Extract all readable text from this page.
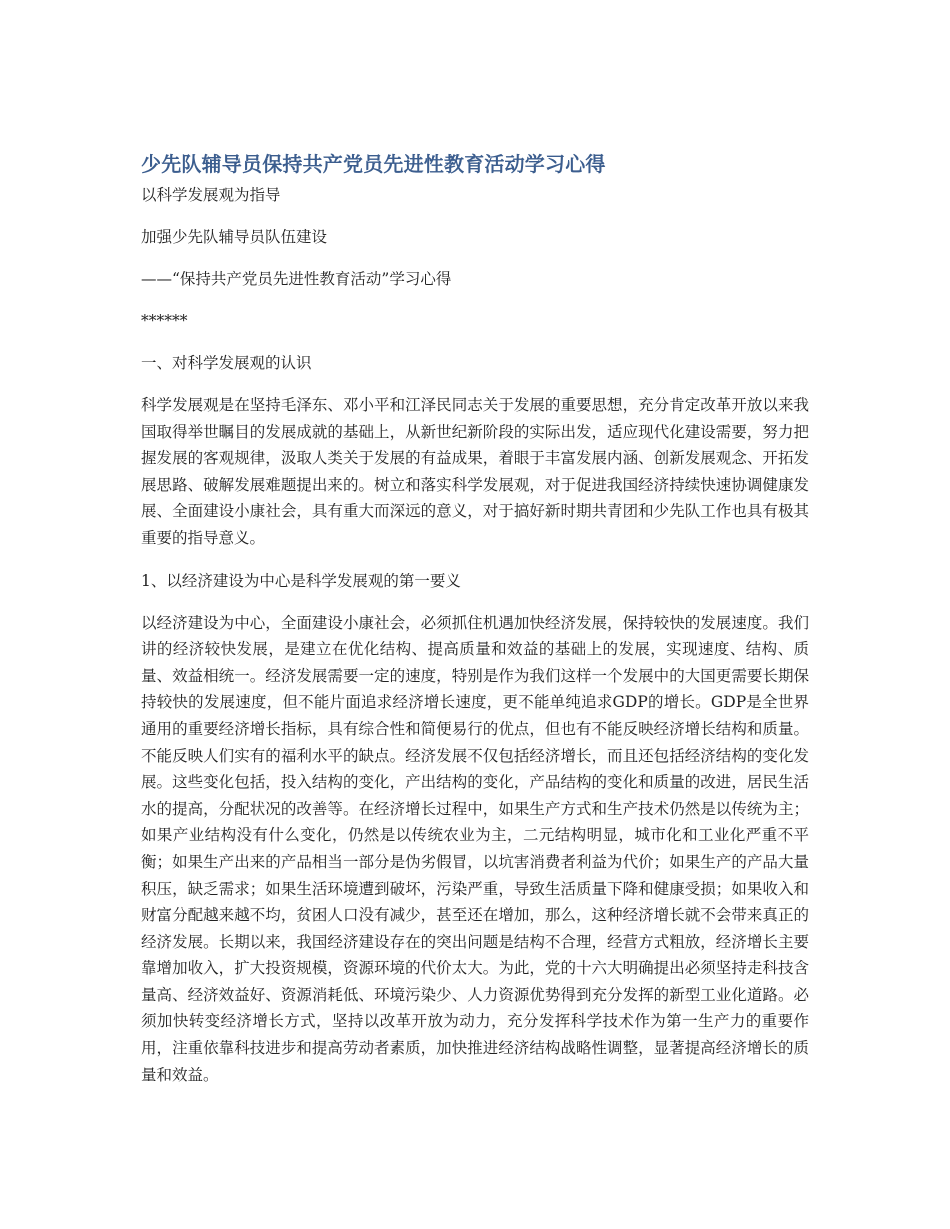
少先队辅导员保持共产党员先进性教育活动学习心得

以科学发展观为指导

加强少先队辅导员队伍建设

——“保持共产党员先进性教育活动”学习心得

******

一、对科学发展观的认识

科学发展观是在坚持毛泽东、邓小平和江泽民同志关于发展的重要思想，充分肯定改革开放以来我国取得举世瞩目的发展成就的基础上，从新世纪新阶段的实际出发，适应现代化建设需要，努力把握发展的客观规律，汲取人类关于发展的有益成果，着眼于丰富发展内涵、创新发展观念、开拓发展思路、破解发展难题提出来的。树立和落实科学发展观，对于促进我国经济持续快速协调健康发展、全面建设小康社会，具有重大而深远的意义，对于搞好新时期共青团和少先队工作也具有极其重要的指导意义。

1、以经济建设为中心是科学发展观的第一要义

以经济建设为中心，全面建设小康社会，必须抓住机遇加快经济发展，保持较快的发展速度。我们讲的经济较快发展，是建立在优化结构、提高质量和效益的基础上的发展，实现速度、结构、质量、效益相统一。经济发展需要一定的速度，特别是作为我们这样一个发展中的大国更需要长期保持较快的发展速度，但不能片面追求经济增长速度，更不能单纯追求GDP的增长。GDP是全世界通用的重要经济增长指标，具有综合性和简便易行的优点，但也有不能反映经济增长结构和质量。不能反映人们实有的福利水平的缺点。经济发展不仅包括经济增长，而且还包括经济结构的变化发展。这些变化包括，投入结构的变化，产出结构的变化，产品结构的变化和质量的改进，居民生活水的提高，分配状况的改善等。在经济增长过程中，如果生产方式和生产技术仍然是以传统为主；如果产业结构没有什么变化，仍然是以传统农业为主，二元结构明显，城市化和工业化严重不平衡；如果生产出来的产品相当一部分是伪劣假冒，以坑害消费者利益为代价；如果生产的产品大量积压，缺乏需求；如果生活环境遭到破坏，污染严重，导致生活质量下降和健康受损；如果收入和财富分配越来越不均，贫困人口没有减少，甚至还在增加，那么，这种经济增长就不会带来真正的经济发展。长期以来，我国经济建设存在的突出问题是结构不合理，经营方式粗放，经济增长主要靠增加收入，扩大投资规模，资源环境的代价太大。为此，党的十六大明确提出必须坚持走科技含量高、经济效益好、资源消耗低、环境污染少、人力资源优势得到充分发挥的新型工业化道路。必须加快转变经济增长方式，坚持以改革开放为动力，充分发挥科学技术作为第一生产力的重要作用，注重依靠科技进步和提高劳动者素质，加快推进经济结构战略性调整，显著提高经济增长的质量和效益。
